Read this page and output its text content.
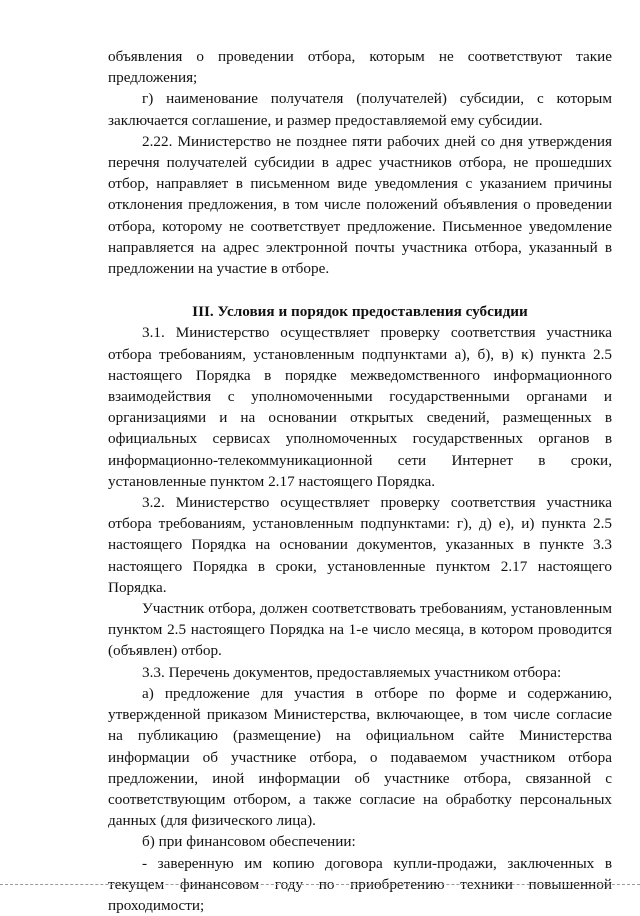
объявления о проведении отбора, которым не соответствуют такие предложения;

г) наименование получателя (получателей) субсидии, с которым заключается соглашение, и размер предоставляемой ему субсидии.

2.22. Министерство не позднее пяти рабочих дней со дня утверждения перечня получателей субсидии в адрес участников отбора, не прошедших отбор, направляет в письменном виде уведомления с указанием причины отклонения предложения, в том числе положений объявления о проведении отбора, которому не соответствует предложение. Письменное уведомление направляется на адрес электронной почты участника отбора, указанный в предложении на участие в отборе.

III. Условия и порядок предоставления субсидии

3.1. Министерство осуществляет проверку соответствия участника отбора требованиям, установленным подпунктами а), б), в) к) пункта 2.5 настоящего Порядка в порядке межведомственного информационного взаимодействия с уполномоченными государственными органами и организациями и на основании открытых сведений, размещенных в официальных сервисах уполномоченных государственных органов в информационно-телекоммуникационной сети Интернет в сроки, установленные пунктом 2.17 настоящего Порядка.

3.2. Министерство осуществляет проверку соответствия участника отбора требованиям, установленным подпунктами: г), д) е), и) пункта 2.5 настоящего Порядка на основании документов, указанных в пункте 3.3 настоящего Порядка в сроки, установленные пунктом 2.17 настоящего Порядка.

Участник отбора, должен соответствовать требованиям, установленным пунктом 2.5 настоящего Порядка на 1-е число месяца, в котором проводится (объявлен) отбор.

3.3. Перечень документов, предоставляемых участником отбора:

а) предложение для участия в отборе по форме и содержанию, утвержденной приказом Министерства, включающее, в том числе согласие на публикацию (размещение) на официальном сайте Министерства информации об участнике отбора, о подаваемом участником отбора предложении, иной информации об участнике отбора, связанной с соответствующим отбором, а также согласие на обработку персональных данных (для физического лица).

б) при финансовом обеспечении:

- заверенную им копию договора купли-продажи, заключенных в текущем финансовом году по приобретению техники повышенной проходимости;
